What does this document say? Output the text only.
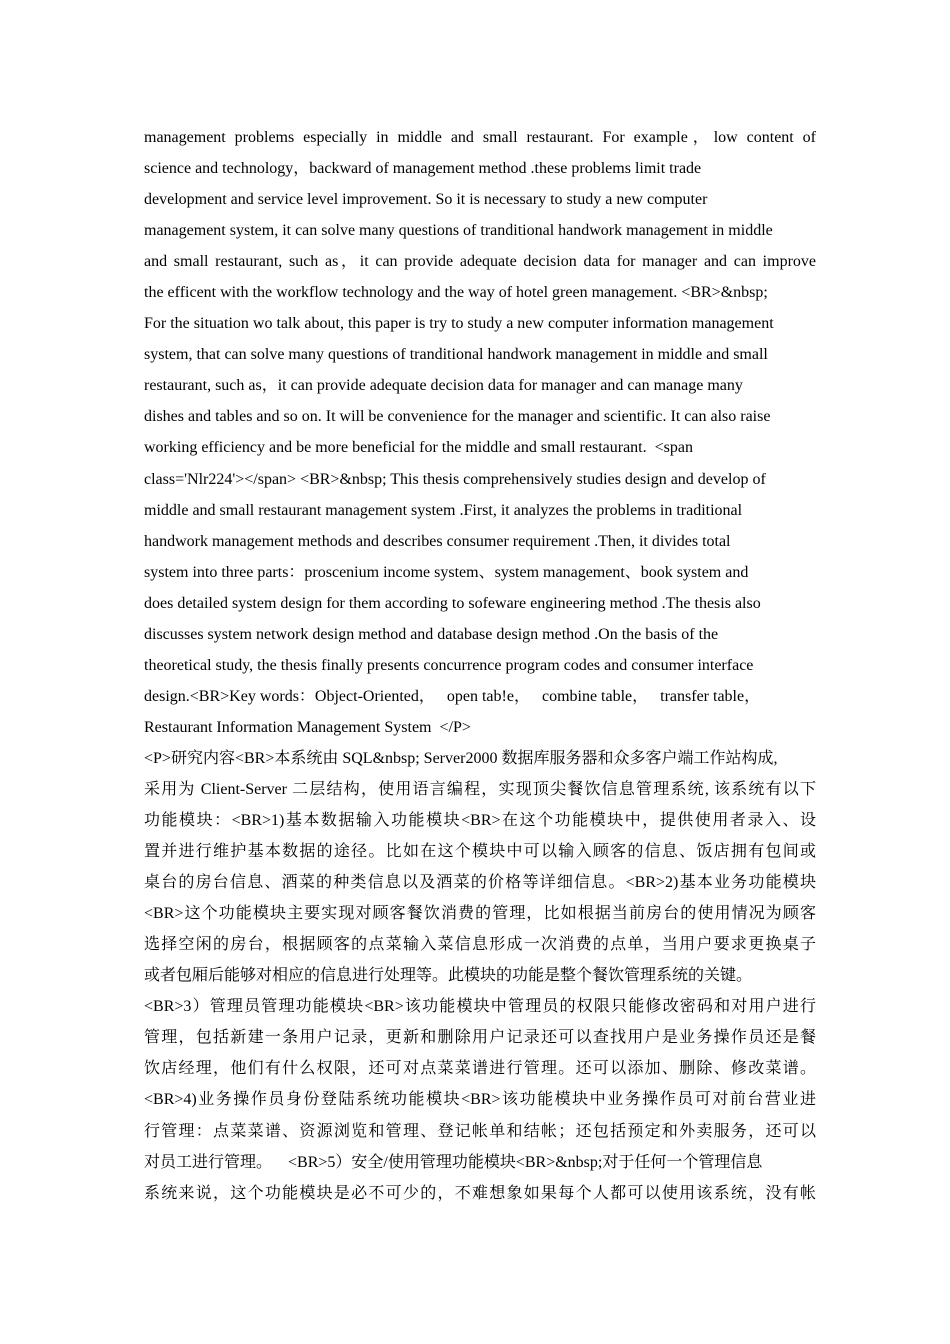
management problems especially in middle and small restaurant. For example，low content of
science and technology，backward of management method .these problems limit trade
development and service level improvement. So it is necessary to study a new computer
management system, it can solve many questions of tranditional handwork management in middle
and small restaurant, such as，it can provide adequate decision data for manager and can improve
the efficent with the workflow technology and the way of hotel green management. <BR>&nbsp;
For the situation wo talk about, this paper is try to study a new computer information management
system, that can solve many questions of tranditional handwork management in middle and small
restaurant, such as，it can provide adequate decision data for manager and can manage many
dishes and tables and so on. It will be convenience for the manager and scientific. It can also raise
working efficiency and be more beneficial for the middle and small restaurant.  <span
class='Nlr224'></span> <BR>&nbsp; This thesis comprehensively studies design and develop of
middle and small restaurant management system .First, it analyzes the problems in traditional
handwork management methods and describes consumer requirement .Then, it divides total
system into three parts：proscenium income system、system management、book system and
does detailed system design for them according to sofeware engineering method .The thesis also
discusses system network design method and database design method .On the basis of the
theoretical study, the thesis finally presents concurrence program codes and consumer interface
design.<BR>Key words：Object-Oriented，   open tab!e，   combine table，   transfer table，
Restaurant Information Management System  </P>
<P>研究内容<BR>本系统由 SQL&nbsp; Server2000 数据库服务器和众多客户端工作站构成,
采用为 Client-Server 二层结构，使用语言编程，实现顶尖餐饮信息管理系统, 该系统有以下
功能模块：<BR>1)基本数据输入功能模块<BR>在这个功能模块中，提供使用者录入、设
置并进行维护基本数据的途径。比如在这个模块中可以输入顾客的信息、饭店拥有包间或
桌台的房台信息、酒菜的种类信息以及酒菜的价格等详细信息。<BR>2)基本业务功能模块
<BR>这个功能模块主要实现对顾客餐饮消费的管理，比如根据当前房台的使用情况为顾客
选择空闲的房台，根据顾客的点菜输入菜信息形成一次消费的点单，当用户要求更换桌子
或者包厢后能够对相应的信息进行处理等。此模块的功能是整个餐饮管理系统的关键。
<BR>3）管理员管理功能模块<BR>该功能模块中管理员的权限只能修改密码和对用户进行
管理，包括新建一条用户记录，更新和删除用户记录还可以查找用户是业务操作员还是餐
饮店经理，他们有什么权限，还可对点菜菜谱进行管理。还可以添加、删除、修改菜谱。
<BR>4)业务操作员身份登陆系统功能模块<BR>该功能模块中业务操作员可对前台营业进
行管理：点菜菜谱、资源浏览和管理、登记帐单和结帐；还包括预定和外卖服务，还可以
对员工进行管理。    <BR>5）安全/使用管理功能模块<BR>&nbsp;对于任何一个管理信息
系统来说，这个功能模块是必不可少的，不难想象如果每个人都可以使用该系统，没有帐
